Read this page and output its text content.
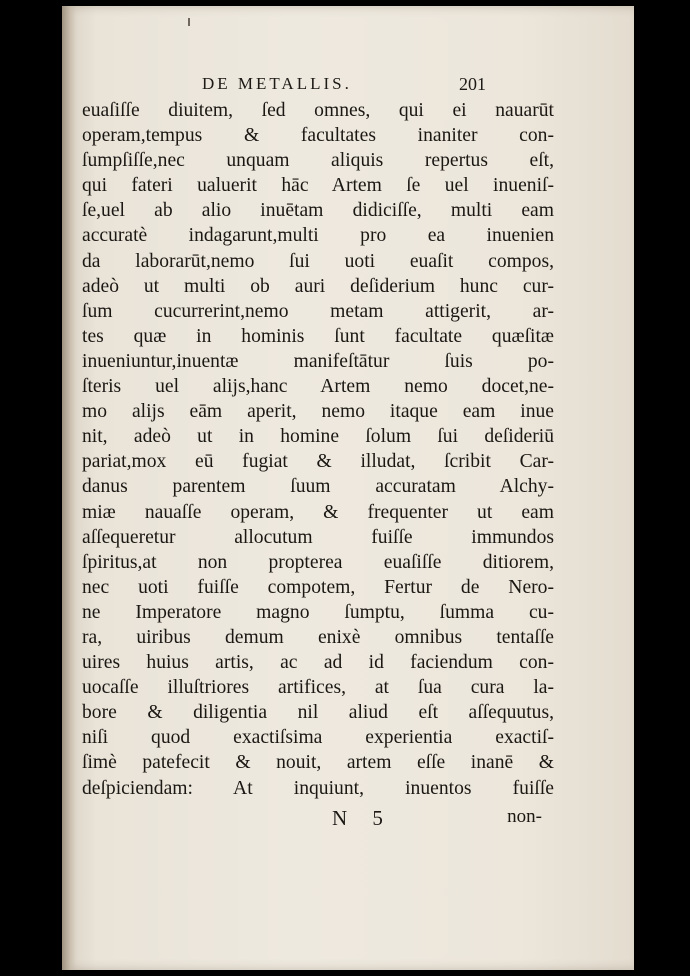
DE METALLIS.	201
euaſiſſe diuitem, ſed omnes, qui ei nauarūt
operam,tempus & facultates inaniter con-
ſumpſiſſe,nec unquam aliquis repertus eſt,
qui fateri ualuerit hāc Artem ſe uel inueniſ-
ſe,uel ab alio inuētam didiciſſe, multi eam
accuratè indagarunt,multi pro ea inuenien
da laborarūt,nemo ſui uoti euaſit compos,
adeò ut multi ob auri deſiderium hunc cur-
ſum cucurrerint,nemo metam attigerit, ar-
tes quæ in hominis ſunt facultate quæſitæ
inueniuntur,inuentæ manifeſtātur ſuis po-
ſteris uel alijs,hanc Artem nemo docet,ne-
mo alijs eām aperit, nemo itaque eam inue
nit, adeò ut in homine ſolum ſui deſideriū
pariat,mox eū fugiat & illudat, ſcribit Car-
danus parentem ſuum accuratam Alchy-
miæ nauaſſe operam, & frequenter ut eam
aſſequeretur allocutum fuiſſe immundos
ſpiritus,at non propterea euaſiſſe ditiorem,
nec uoti fuiſſe compotem, Fertur de Nero-
ne Imperatore magno ſumptu, ſumma cu-
ra, uiribus demum enixè omnibus tentaſſe
uires huius artis, ac ad id faciendum con-
uocaſſe illuſtriores artifices, at ſua cura la-
bore & diligentia nil aliud eſt aſſequutus,
niſi quod exactiſsima experientia exactiſ-
ſimè patefecit & nouit, artem eſſe inanē &
deſpiciendam: At inquiunt, inuentos fuiſſe
N 5	non-
